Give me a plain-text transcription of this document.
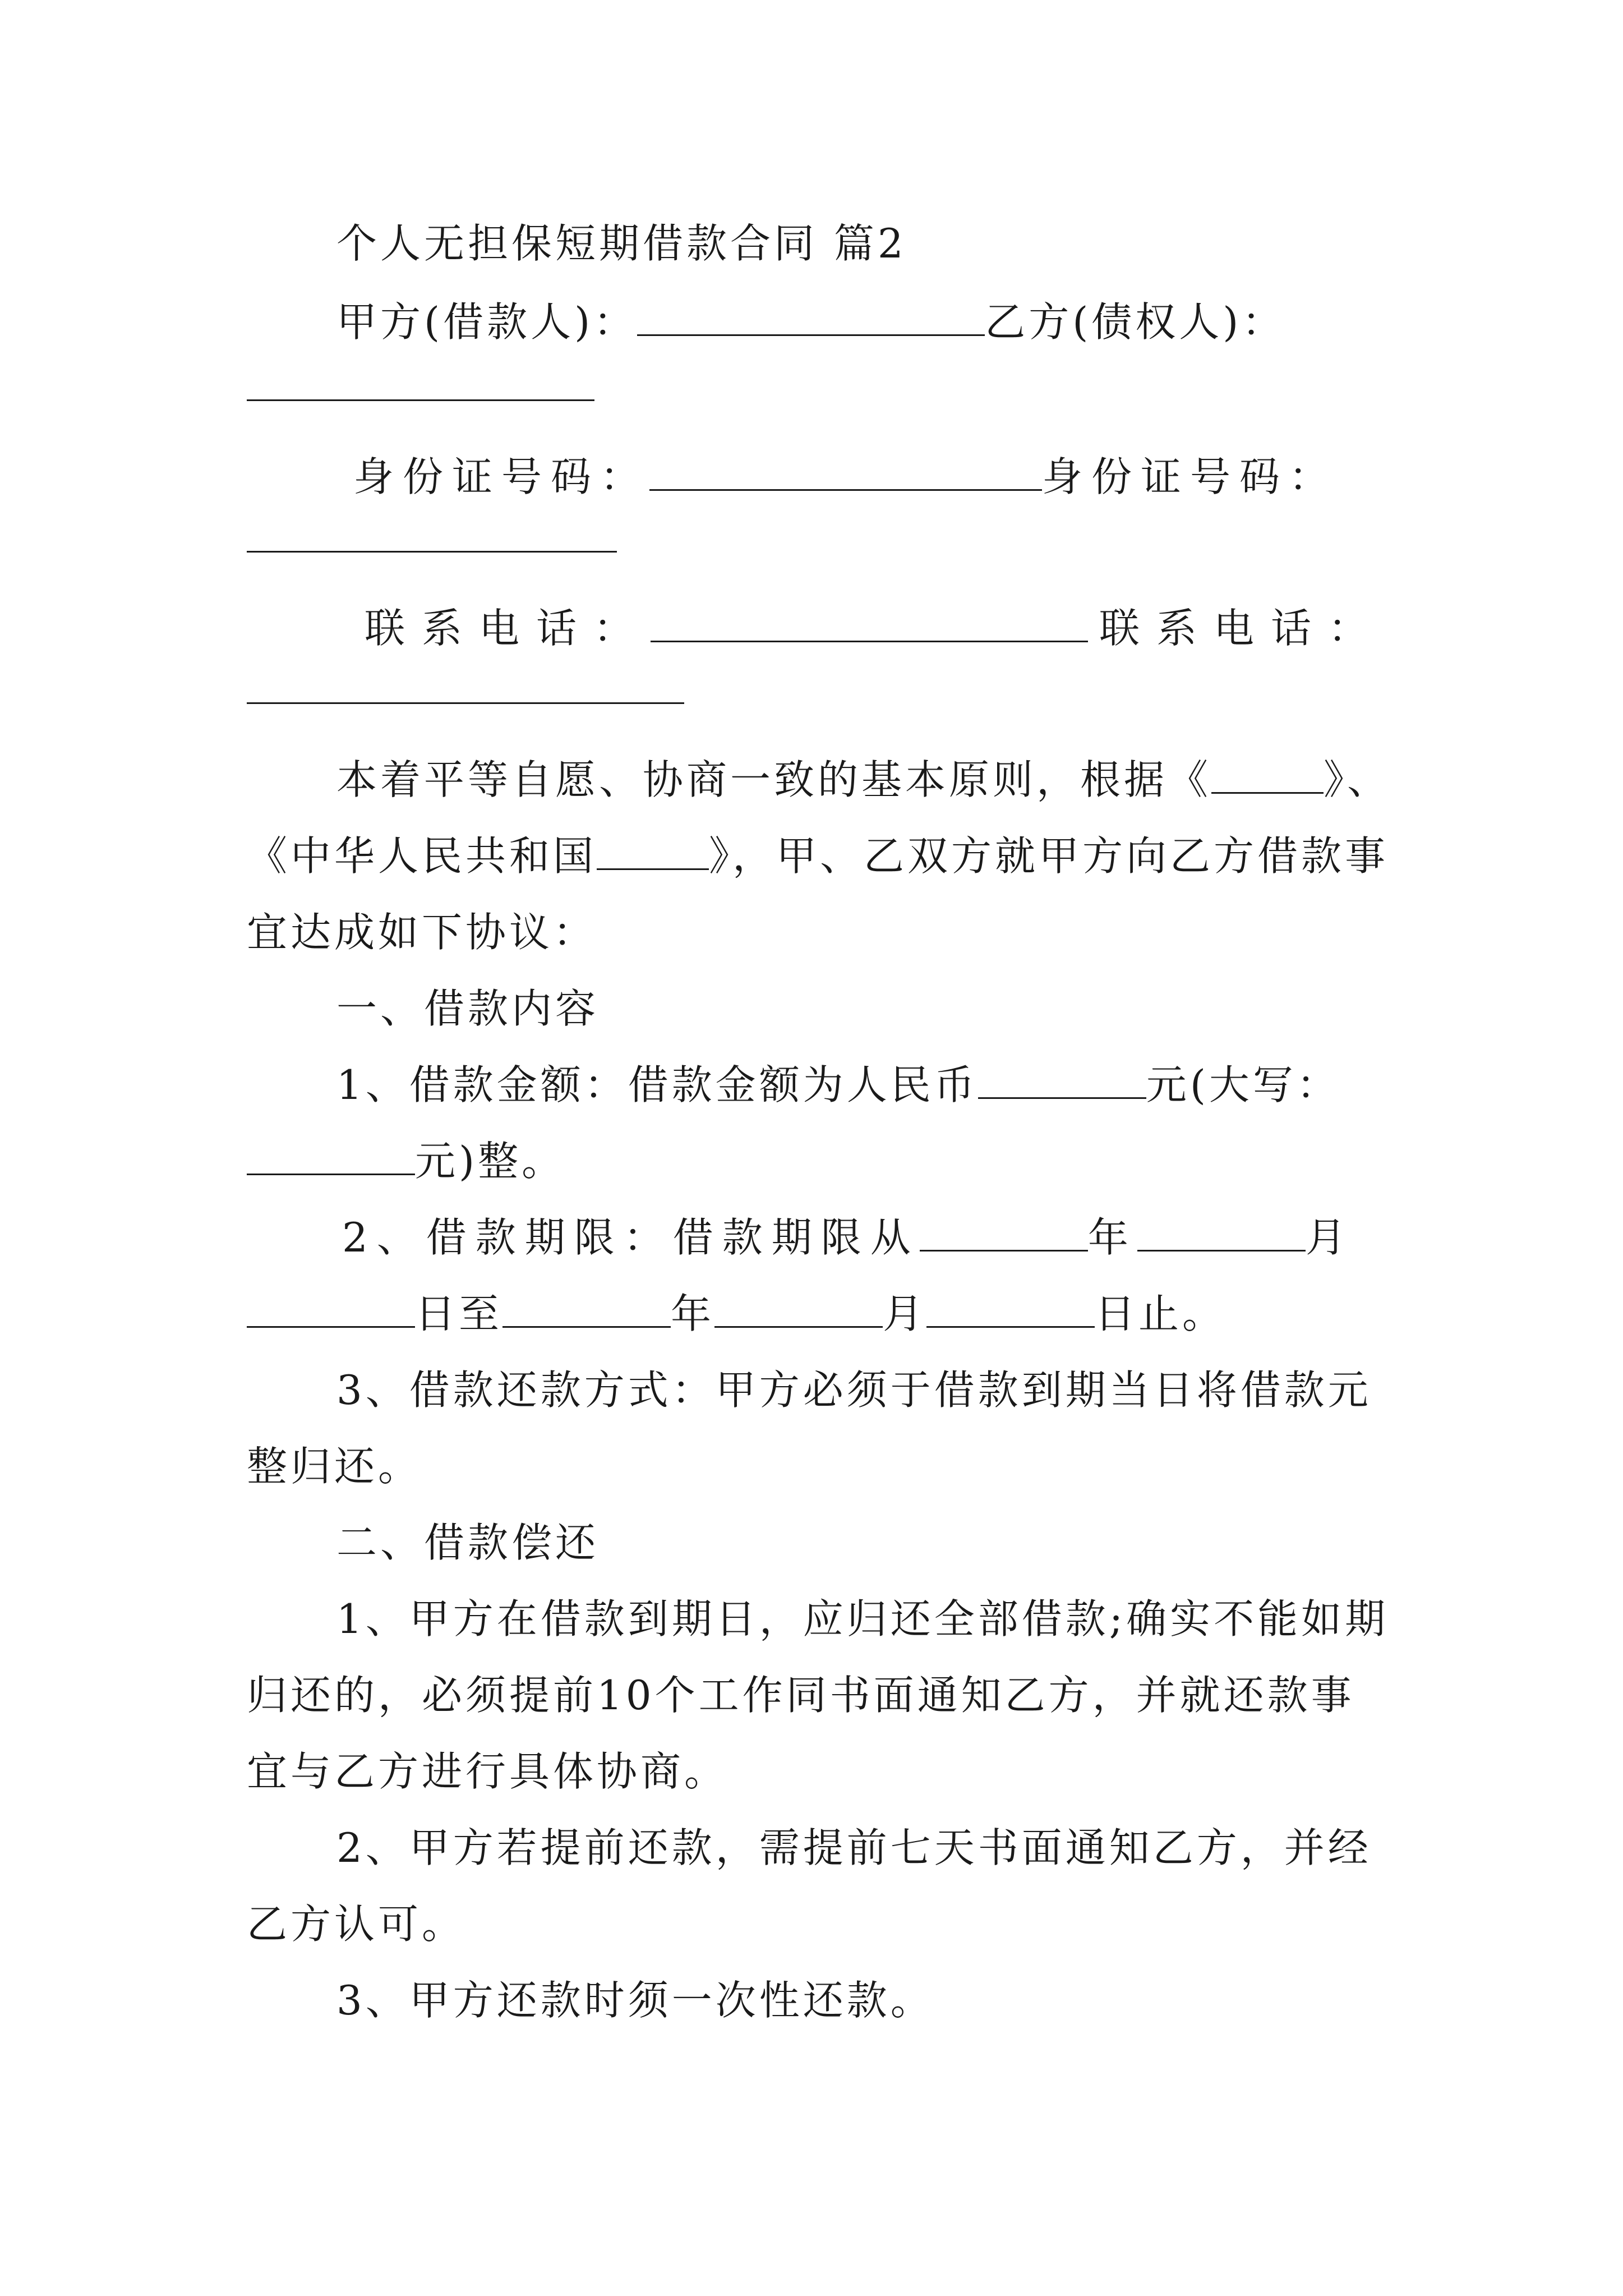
个人无担保短期借款合同 篇2
甲方(借款人)：	乙方(债权人)：
身份证号码：	身份证号码：
联系电话：	联系电话：
本着平等自愿、协商一致的基本原则，根据《	》、
《中华人民共和国	》，甲、乙双方就甲方向乙方借款事
宜达成如下协议：
一、借款内容
1、借款金额：借款金额为人民币	元(大写：
元)整。
2、借款期限：借款期限从	年	月
日至	年	月	日止。
3、借款还款方式：甲方必须于借款到期当日将借款元
整归还。
二、借款偿还
1、甲方在借款到期日，应归还全部借款;确实不能如期
归还的，必须提前10个工作同书面通知乙方，并就还款事
宜与乙方进行具体协商。
2、甲方若提前还款，需提前七天书面通知乙方，并经
乙方认可。
3、甲方还款时须一次性还款。
